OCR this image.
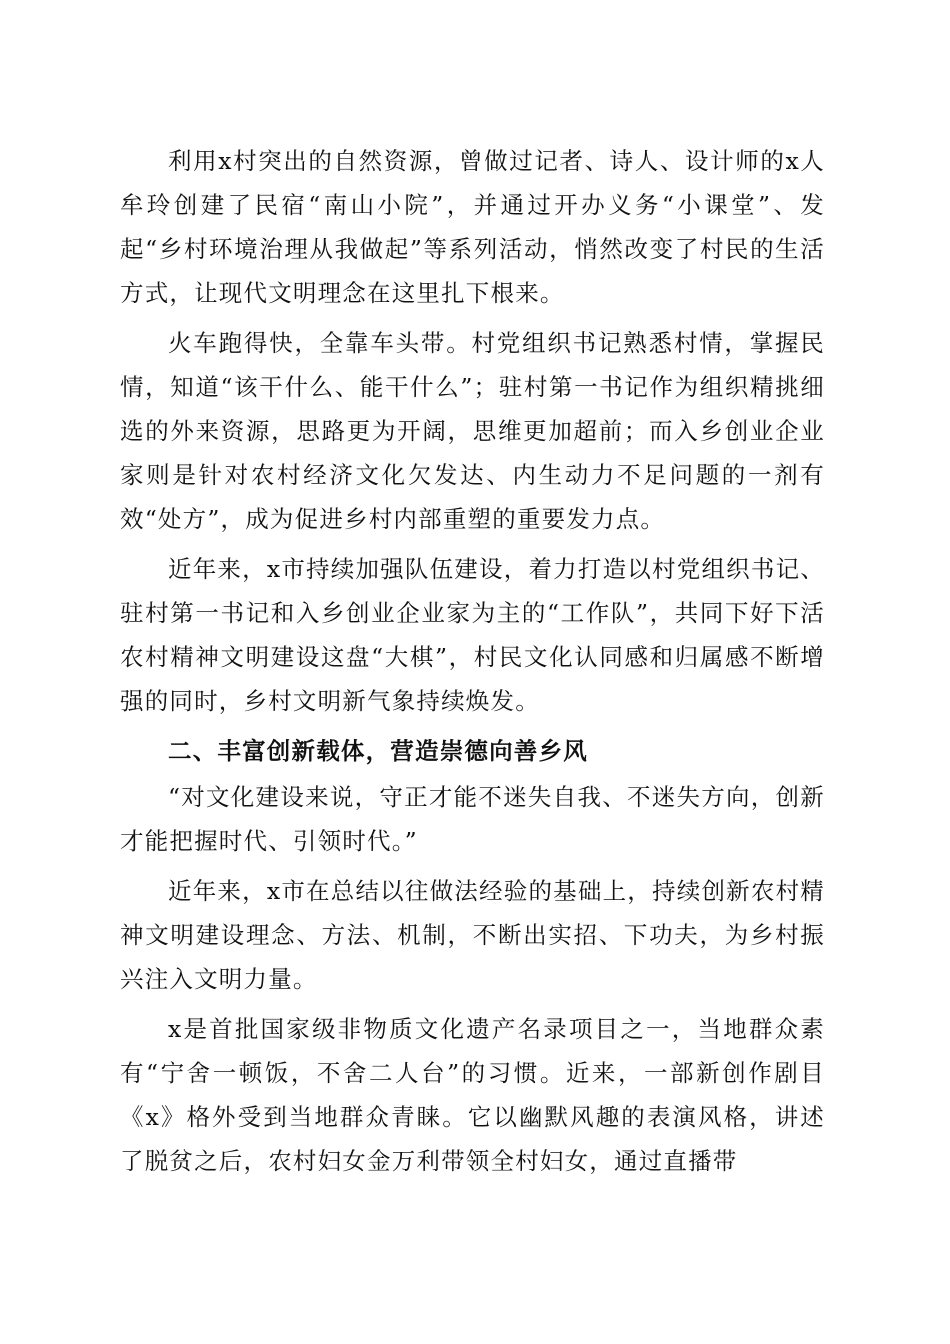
利用x村突出的自然资源，曾做过记者、诗人、设计师的x人牟玲创建了民宿“南山小院”，并通过开办义务“小课堂”、发起“乡村环境治理从我做起”等系列活动，悄然改变了村民的生活方式，让现代文明理念在这里扎下根来。

火车跑得快，全靠车头带。村党组织书记熟悉村情，掌握民情，知道“该干什么、能干什么”；驻村第一书记作为组织精挑细选的外来资源，思路更为开阔，思维更加超前；而入乡创业企业家则是针对农村经济文化欠发达、内生动力不足问题的一剂有效“处方”，成为促进乡村内部重塑的重要发力点。

近年来，x市持续加强队伍建设，着力打造以村党组织书记、驻村第一书记和入乡创业企业家为主的“工作队”，共同下好下活农村精神文明建设这盘“大棋”，村民文化认同感和归属感不断增强的同时，乡村文明新气象持续焕发。

二、丰富创新载体，营造崇德向善乡风

“对文化建设来说，守正才能不迷失自我、不迷失方向，创新才能把握时代、引领时代。”

近年来，x市在总结以往做法经验的基础上，持续创新农村精神文明建设理念、方法、机制，不断出实招、下功夫，为乡村振兴注入文明力量。

x是首批国家级非物质文化遗产名录项目之一，当地群众素有“宁舍一顿饭，不舍二人台”的习惯。近来，一部新创作剧目《x》格外受到当地群众青睐。它以幽默风趣的表演风格，讲述了脱贫之后，农村妇女金万利带领全村妇女，通过直播带
